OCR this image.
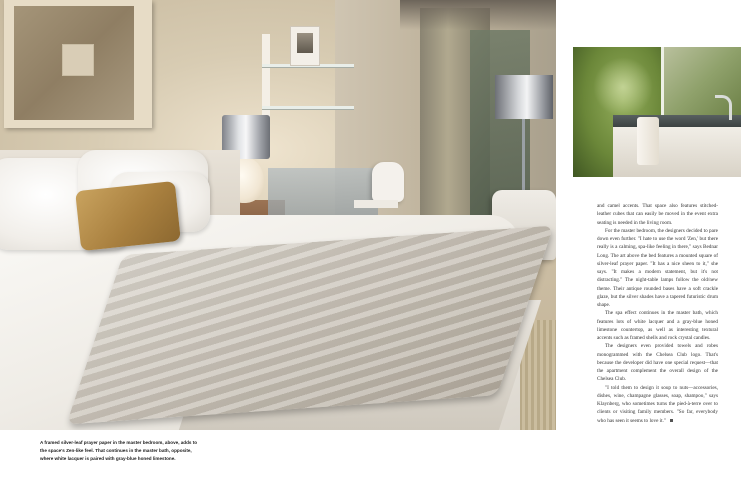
A framed silver-leaf prayer paper in the master bedroom, above, adds to the space's Zen-like feel. That continues in the master bath, opposite, where white lacquer is paired with gray-blue honed limestone.

and camel accents. That space also features stitched-leather cubes that can easily be moved in the event extra seating is needed in the living room.

For the master bedroom, the designers decided to pare down even further. "I hate to use the word 'Zen,' but there really is a calming, spa-like feeling in there," says Bednar Long. The art above the bed features a mounted square of silver-leaf prayer paper. "It has a nice sheen to it," she says. "It makes a modern statement, but it's not distracting." The night-table lamps follow the old/new theme. Their antique rounded bases have a soft crackle glaze, but the silver shades have a tapered futuristic drum shape.

The spa effect continues in the master bath, which features lots of white lacquer and a gray-blue honed limestone countertop, as well as interesting textural accents such as framed shells and rock crystal candles.

The designers even provided towels and robes monogrammed with the Chelsea Club logo. That's because the developer did have one special request—that the apartment complement the overall design of the Chelsea Club.

"I told them to design it soup to nuts—accessories, dishes, wine, champagne glasses, soap, shampoo," says Klaynberg, who sometimes turns the pied-à-terre over to clients or visiting family members. "So far, everybody who has seen it seems to love it."
